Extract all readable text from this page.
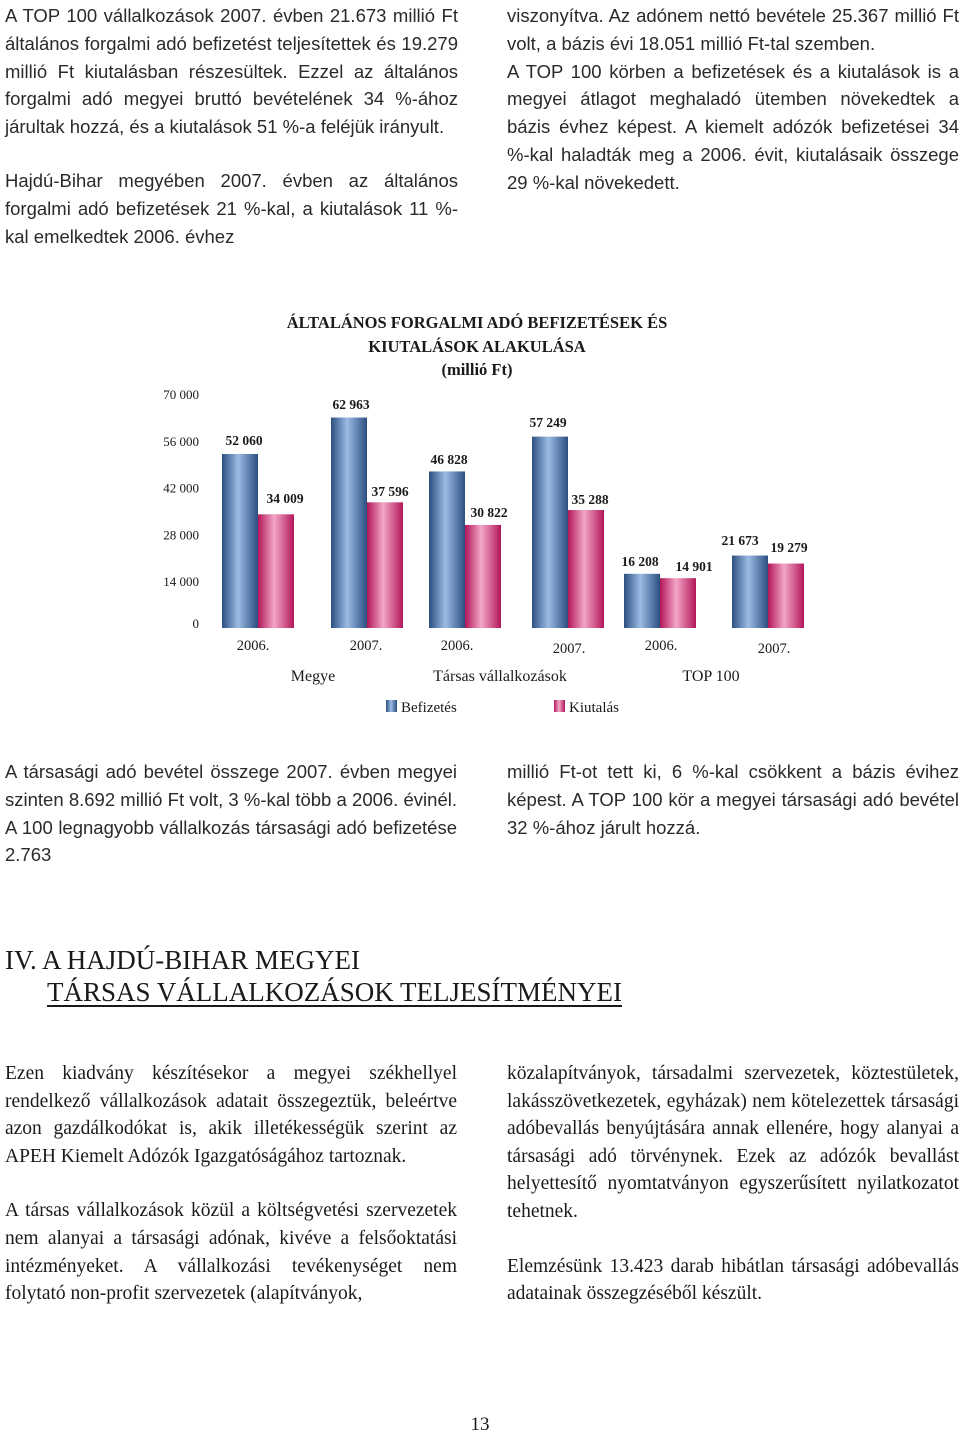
A TOP 100 vállalkozások 2007. évben 21.673 millió Ft általános forgalmi adó befizetést teljesítettek és 19.279 millió Ft kiutalásban részesültek. Ezzel az általános forgalmi adó megyei bruttó bevételének 34 %-ához járultak hozzá, és a kiutalások 51 %-a feléjük irányult.

Hajdú-Bihar megyében 2007. évben az általános forgalmi adó befizetések 21 %-kal, a kiutalások 11 %-kal emelkedtek 2006. évhez

viszonyítva. Az adónem nettó bevétele 25.367 millió Ft volt, a bázis évi 18.051 millió Ft-tal szemben.

A TOP 100 körben a befizetések és a kiutalások is a megyei átlagot meghaladó ütemben növekedtek a bázis évhez képest. A kiemelt adózók befizetései 34 %-kal haladták meg a 2006. évit, kiutalásaik összege 29 %-kal növekedett.

ÁLTALÁNOS FORGALMI ADÓ BEFIZETÉSEK ÉS
KIUTALÁSOK ALAKULÁSA
(millió Ft)
70 000
56 000
42 000
28 000
14 000
0
52 060
62 963
46 828
57 249
16 208
21 673
34 009	37 596
30 822
35 288
14 901
19 279
2006.	2007.	2006.	2007.	2006.	2007.
Megye	Társas vállalkozások	TOP 100
Befizetés	Kiutalás

A társasági adó bevétel összege 2007. évben megyei szinten 8.692 millió Ft volt, 3 %-kal több a 2006. évinél. A 100 legnagyobb vállalkozás társasági adó befizetése 2.763

millió Ft-ot tett ki, 6 %-kal csökkent a bázis évihez képest. A TOP 100 kör a megyei társasági adó bevétel 32 %-ához járult hozzá.

IV. A HAJDÚ-BIHAR MEGYEI
TÁRSAS VÁLLALKOZÁSOK TELJESÍTMÉNYEI

Ezen kiadvány készítésekor a megyei székhellyel rendelkező vállalkozások adatait összegeztük, beleértve azon gazdálkodókat is, akik illetékességük szerint az APEH Kiemelt Adózók Igazgatóságához tartoznak.

A társas vállalkozások közül a költségvetési szervezetek nem alanyai a társasági adónak, kivéve a felsőoktatási intézményeket. A vállalkozási tevékenységet nem folytató non-profit szervezetek (alapítványok,

közalapítványok, társadalmi szervezetek, köztestületek, lakásszövetkezetek, egyházak) nem kötelezettek társasági adóbevallás benyújtására annak ellenére, hogy alanyai a társasági adó törvénynek. Ezek az adózók bevallást helyettesítő nyomtatványon egyszerűsített nyilatkozatot tehetnek.

Elemzésünk 13.423 darab hibátlan társasági adóbevallás adatainak összegzéséből készült.

13
